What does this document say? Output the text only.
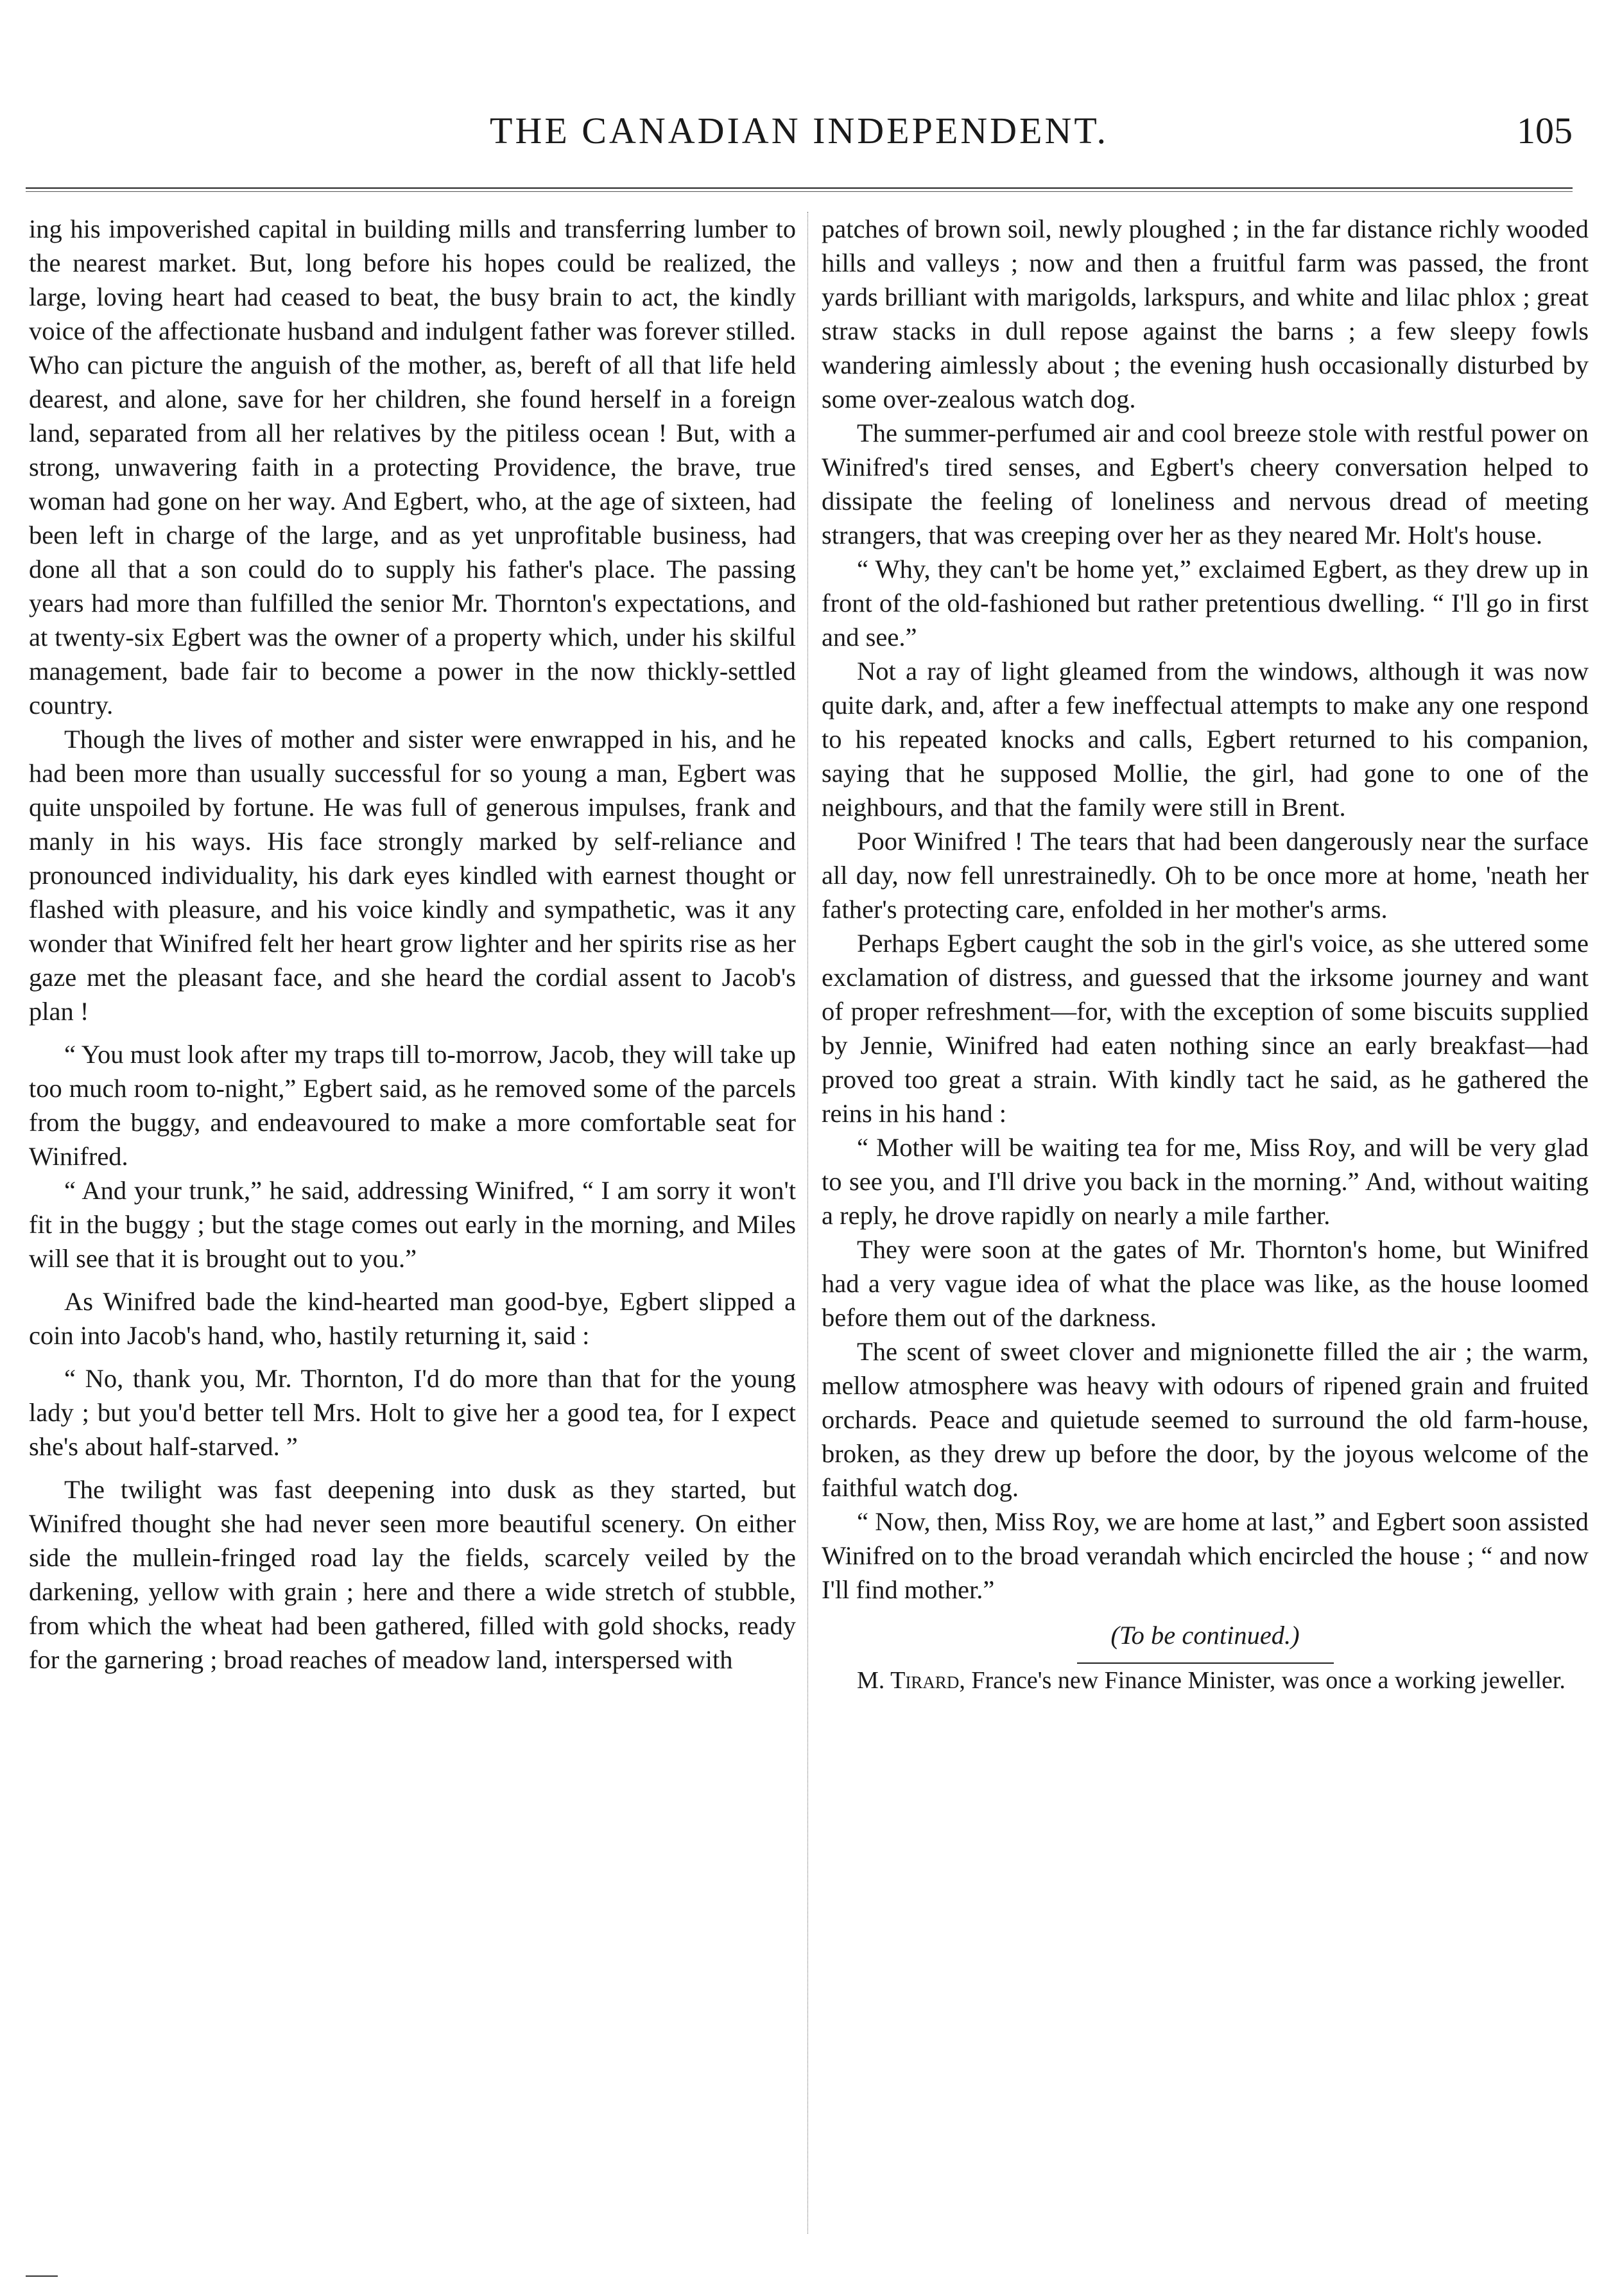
THE CANADIAN INDEPENDENT.	105

ing his impoverished capital in building mills and transferring lumber to the nearest market. But, long before his hopes could be realized, the large, loving heart had ceased to beat, the busy brain to act, the kindly voice of the affectionate husband and indulgent father was forever stilled. Who can picture the anguish of the mother, as, bereft of all that life held dearest, and alone, save for her children, she found herself in a foreign land, separated from all her relatives by the pitiless ocean ! But, with a strong, unwavering faith in a protecting Providence, the brave, true woman had gone on her way. And Egbert, who, at the age of sixteen, had been left in charge of the large, and as yet unprofitable business, had done all that a son could do to supply his father's place. The passing years had more than fulfilled the senior Mr. Thornton's expectations, and at twenty-six Egbert was the owner of a property which, under his skilful management, bade fair to become a power in the now thickly-settled country.

Though the lives of mother and sister were enwrapped in his, and he had been more than usually successful for so young a man, Egbert was quite unspoiled by fortune. He was full of generous impulses, frank and manly in his ways. His face strongly marked by self-reliance and pronounced individuality, his dark eyes kindled with earnest thought or flashed with pleasure, and his voice kindly and sympathetic, was it any wonder that Winifred felt her heart grow lighter and her spirits rise as her gaze met the pleasant face, and she heard the cordial assent to Jacob's plan !

“ You must look after my traps till to-morrow, Jacob, they will take up too much room to-night,” Egbert said, as he removed some of the parcels from the buggy, and endeavoured to make a more comfortable seat for Winifred.

“ And your trunk,” he said, addressing Winifred, “ I am sorry it won't fit in the buggy ; but the stage comes out early in the morning, and Miles will see that it is brought out to you.”

As Winifred bade the kind-hearted man good-bye, Egbert slipped a coin into Jacob's hand, who, hastily returning it, said :

“ No, thank you, Mr. Thornton, I'd do more than that for the young lady ; but you'd better tell Mrs. Holt to give her a good tea, for I expect she's about half-starved. ”

The twilight was fast deepening into dusk as they started, but Winifred thought she had never seen more beautiful scenery. On either side the mullein-fringed road lay the fields, scarcely veiled by the darkening, yellow with grain ; here and there a wide stretch of stubble, from which the wheat had been gathered, filled with gold shocks, ready for the garnering ; broad reaches of meadow land, interspersed with

patches of brown soil, newly ploughed ; in the far distance richly wooded hills and valleys ; now and then a fruitful farm was passed, the front yards brilliant with marigolds, larkspurs, and white and lilac phlox ; great straw stacks in dull repose against the barns ; a few sleepy fowls wandering aimlessly about ; the evening hush occasionally disturbed by some over-zealous watch dog.

The summer-perfumed air and cool breeze stole with restful power on Winifred's tired senses, and Egbert's cheery conversation helped to dissipate the feeling of loneliness and nervous dread of meeting strangers, that was creeping over her as they neared Mr. Holt's house.

“ Why, they can't be home yet,” exclaimed Egbert, as they drew up in front of the old-fashioned but rather pretentious dwelling. “ I'll go in first and see.”

Not a ray of light gleamed from the windows, although it was now quite dark, and, after a few ineffectual attempts to make any one respond to his repeated knocks and calls, Egbert returned to his companion, saying that he supposed Mollie, the girl, had gone to one of the neighbours, and that the family were still in Brent.

Poor Winifred ! The tears that had been dangerously near the surface all day, now fell unrestrainedly. Oh to be once more at home, 'neath her father's protecting care, enfolded in her mother's arms.

Perhaps Egbert caught the sob in the girl's voice, as she uttered some exclamation of distress, and guessed that the irksome journey and want of proper refreshment—for, with the exception of some biscuits supplied by Jennie, Winifred had eaten nothing since an early breakfast—had proved too great a strain. With kindly tact he said, as he gathered the reins in his hand :

“ Mother will be waiting tea for me, Miss Roy, and will be very glad to see you, and I'll drive you back in the morning.” And, without waiting a reply, he drove rapidly on nearly a mile farther.

They were soon at the gates of Mr. Thornton's home, but Winifred had a very vague idea of what the place was like, as the house loomed before them out of the darkness.

The scent of sweet clover and mignionette filled the air ; the warm, mellow atmosphere was heavy with odours of ripened grain and fruited orchards. Peace and quietude seemed to surround the old farm-house, broken, as they drew up before the door, by the joyous welcome of the faithful watch dog.

“ Now, then, Miss Roy, we are home at last,” and Egbert soon assisted Winifred on to the broad verandah which encircled the house ; “ and now I'll find mother.”

(To be continued.)

M. Tirard, France's new Finance Minister, was once a working jeweller.
